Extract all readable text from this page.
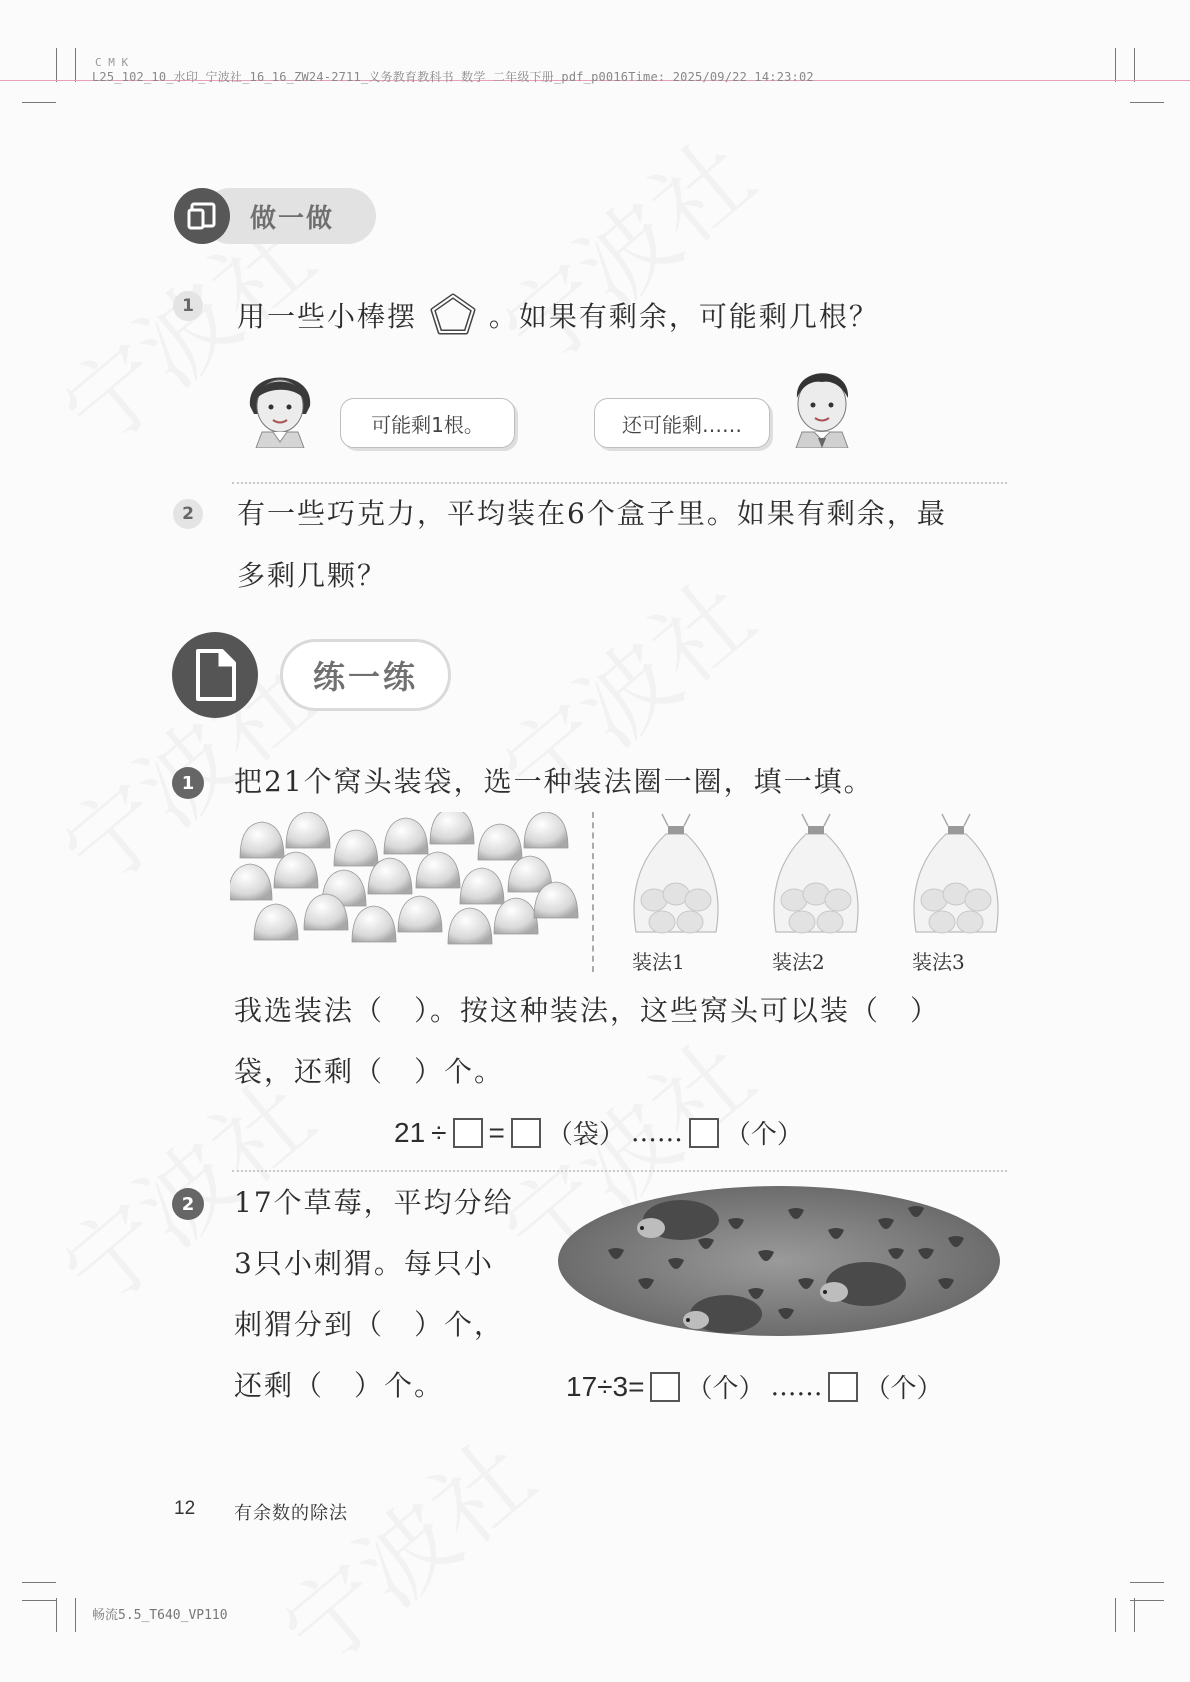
C M K
L25_102_10_水印_宁波社_16_16_ZW24-2711_义务教育教科书 数学 二年级下册_pdf_p0016Time: 2025/09/22 14:23:02
做一做
1	用一些小棒摆	。如果有剩余，可能剩几根？
可能剩1根。	还可能剩……
2	有一些巧克力，平均装在6个盒子里。如果有剩余，最
多剩几颗？
练一练
1	把21个窝头装袋，选一种装法圈一圈，填一填。
装法1	装法2	装法3
我选装法（　）。按这种装法，这些窝头可以装（　）
袋，还剩（　）个。
21 ÷ = （袋） …… （个）
2	17个草莓，平均分给
3只小刺猬。每只小
刺猬分到（　）个，
还剩（　）个。	17÷3= （个） …… （个）
12 有余数的除法
畅流5.5_T640_VP110
